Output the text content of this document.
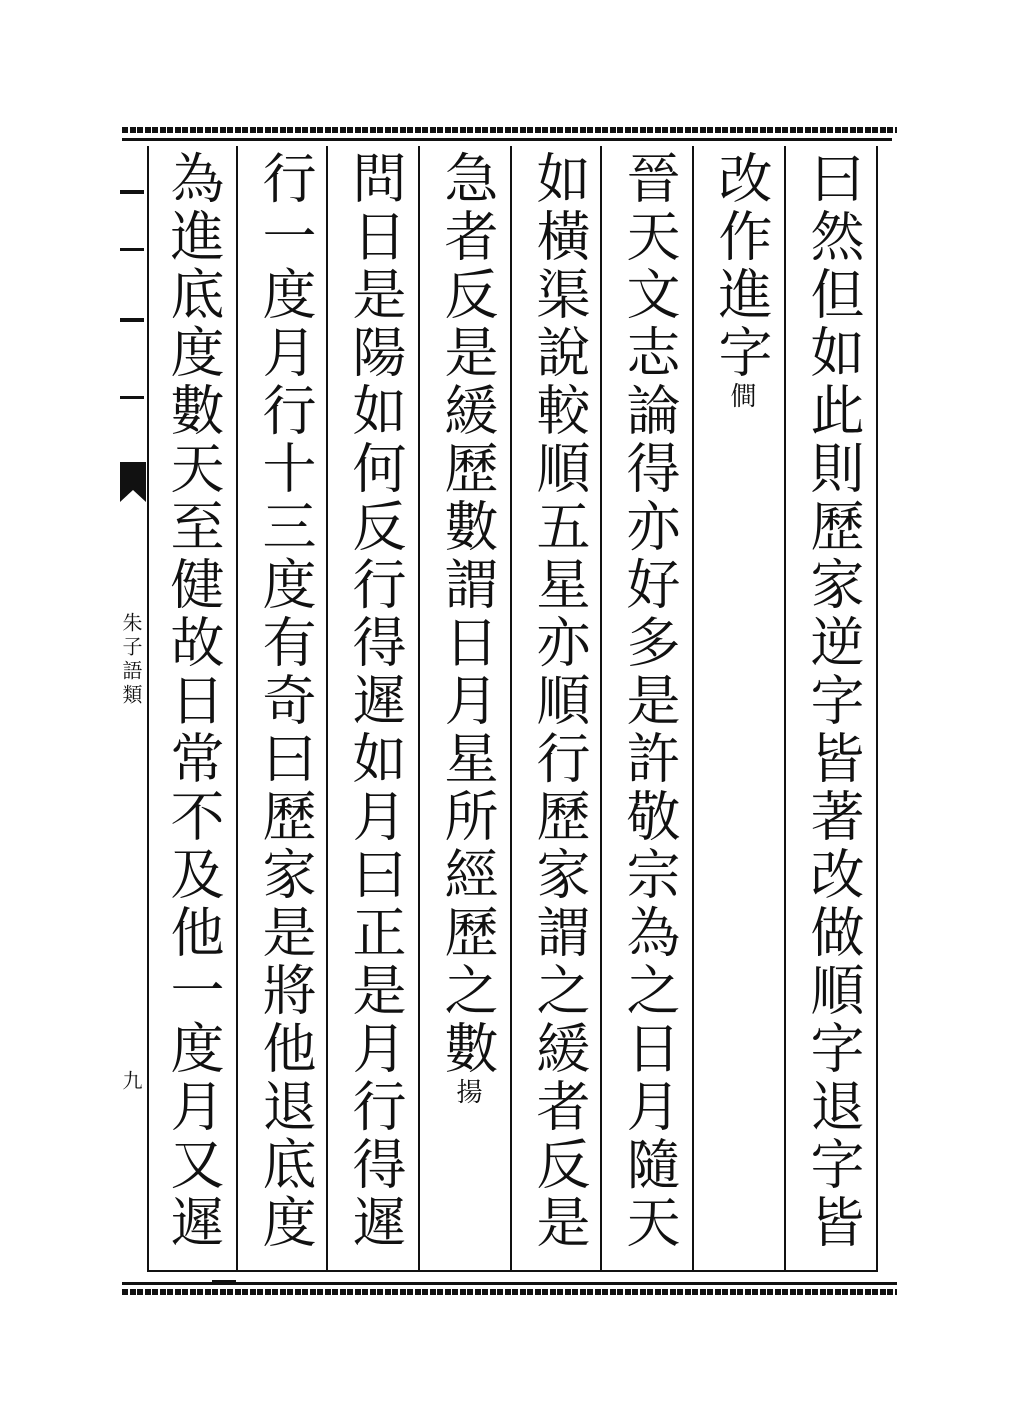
朱子語類
九
曰然但如此則歷家逆字皆著改做順字退字皆
改作進字僴
晉天文志論得亦好多是許敬宗為之日月隨天
如橫渠說較順五星亦順行歷家謂之緩者反是
急者反是緩歷數謂日月星所經歷之數揚
問日是陽如何反行得遲如月曰正是月行得遲
行一度月行十三度有奇曰歷家是將他退底度
為進底度數天至健故日常不及他一度月又遲
